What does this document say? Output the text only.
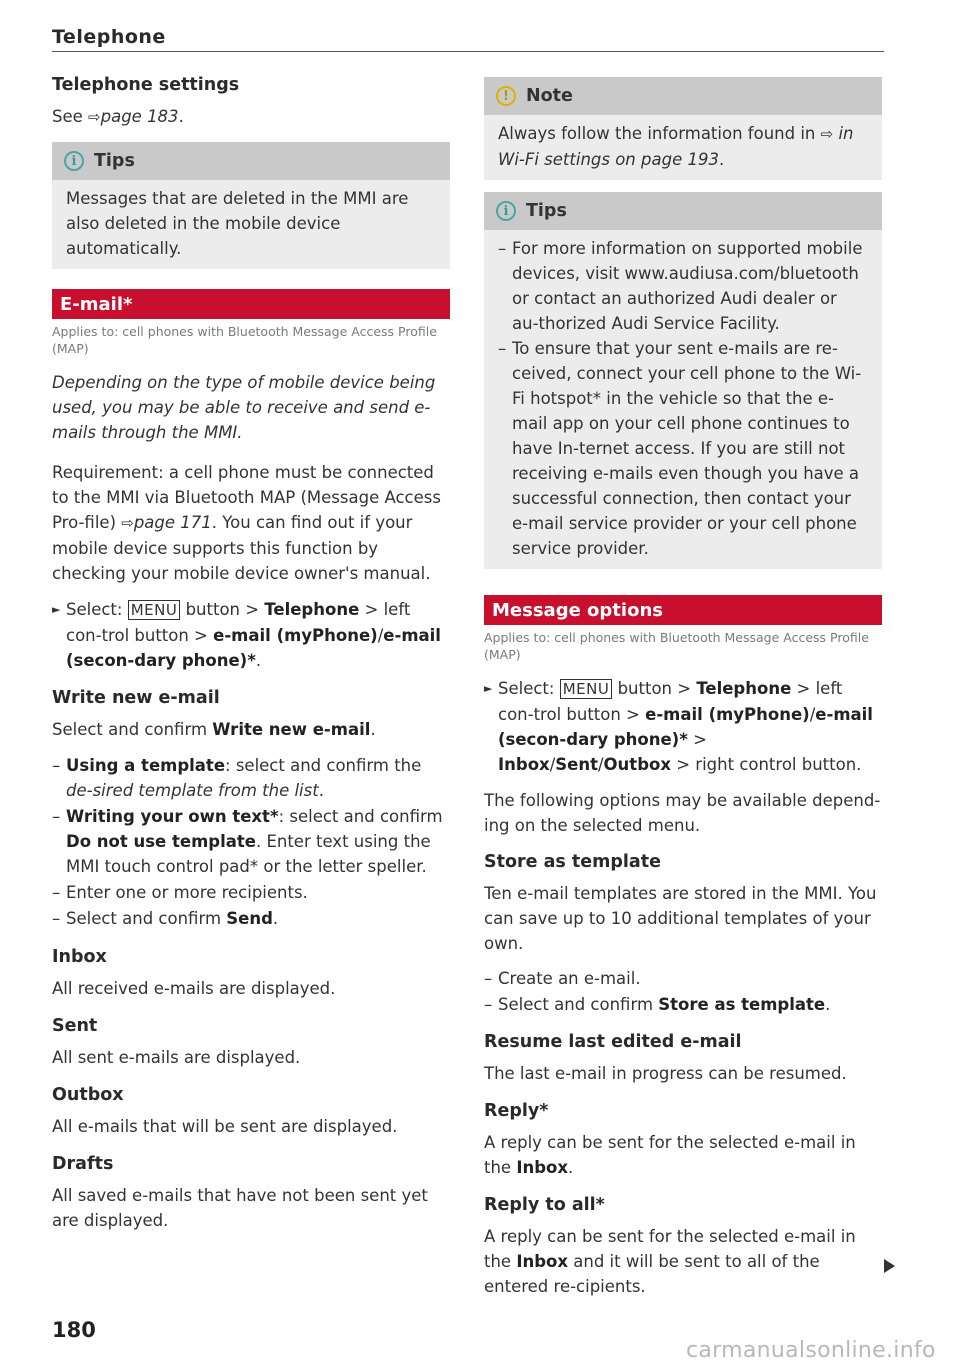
Telephone
Telephone settings
See ⇨page 183.
i	Tips
Messages that are deleted in the MMI are also deleted in the mobile device automatically.
E-mail*
Applies to: cell phones with Bluetooth Message Access Profile (MAP)
Depending on the type of mobile device being used, you may be able to receive and send e-mails through the MMI.
Requirement: a cell phone must be connected to the MMI via Bluetooth MAP (Message Access Pro-file) ⇨page 171. You can find out if your mobile device supports this function by checking your mobile device owner's manual.
► Select: MENU button > Telephone > left con-trol button > e-mail (myPhone)/e-mail (secon-dary phone)*.
Write new e-mail
Select and confirm Write new e-mail.
– Using a template: select and confirm the de-sired template from the list.
– Writing your own text*: select and confirm Do not use template. Enter text using the MMI touch control pad* or the letter speller.
– Enter one or more recipients.
– Select and confirm Send.
Inbox
All received e-mails are displayed.
Sent
All sent e-mails are displayed.
Outbox
All e-mails that will be sent are displayed.
Drafts
All saved e-mails that have not been sent yet are displayed.
! Note
Always follow the information found in ⇨ in Wi-Fi settings on page 193.
i	Tips
– For more information on supported mobile devices, visit www.audiusa.com/bluetooth or contact an authorized Audi dealer or au-thorized Audi Service Facility.
– To ensure that your sent e-mails are re-ceived, connect your cell phone to the Wi-Fi hotspot* in the vehicle so that the e-mail app on your cell phone continues to have In-ternet access. If you are still not receiving e-mails even though you have a successful connection, then contact your e-mail service provider or your cell phone service provider.
Message options
Applies to: cell phones with Bluetooth Message Access Profile (MAP)
► Select: MENU button > Telephone > left con-trol button > e-mail (myPhone)/e-mail (secon-dary phone)* > Inbox/Sent/Outbox > right control button.
The following options may be available depend-ing on the selected menu.
Store as template
Ten e-mail templates are stored in the MMI. You can save up to 10 additional templates of your own.
– Create an e-mail.
– Select and confirm Store as template.
Resume last edited e-mail
The last e-mail in progress can be resumed.
Reply*
A reply can be sent for the selected e-mail in the Inbox.
Reply to all*
A reply can be sent for the selected e-mail in the Inbox and it will be sent to all of the entered re-cipients.
180
carmanualsonline.info
